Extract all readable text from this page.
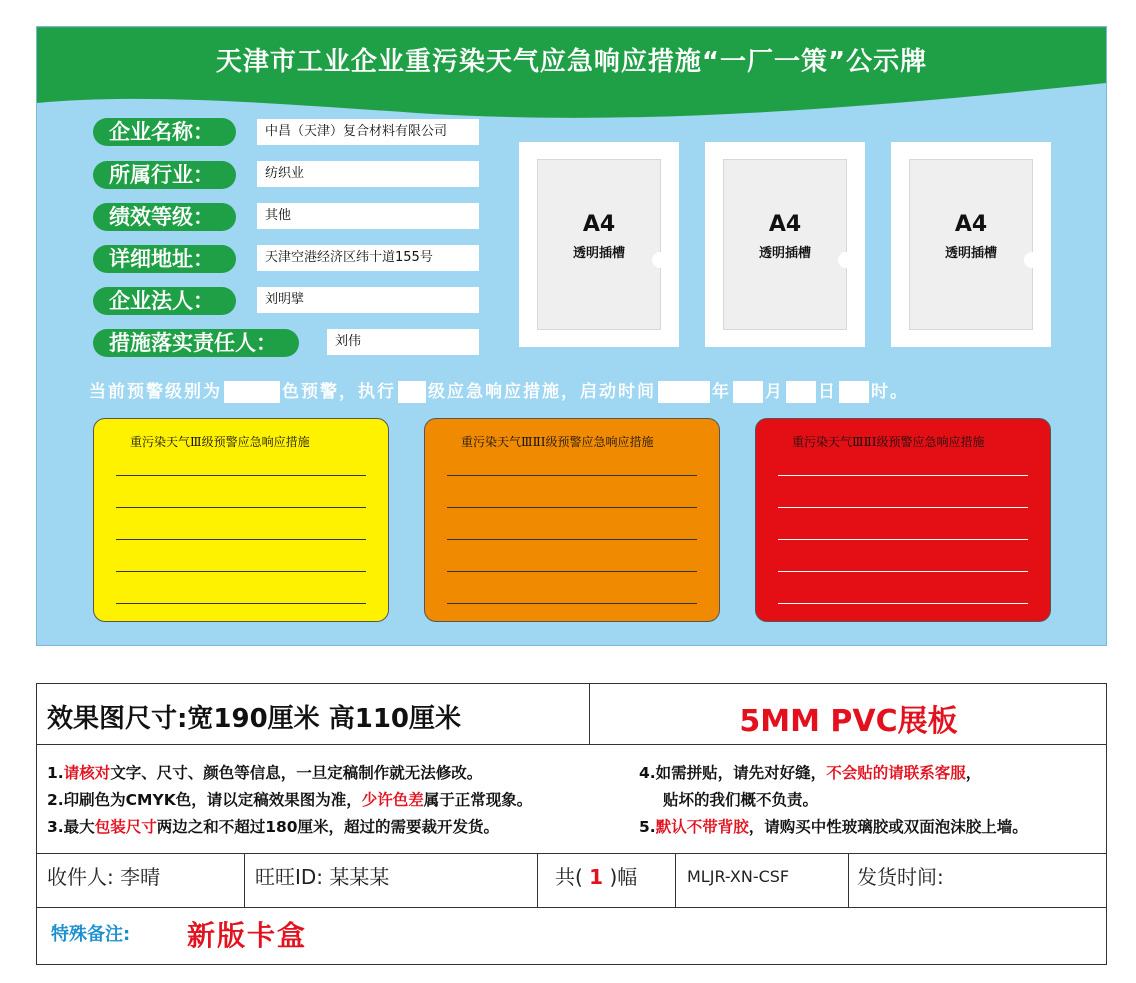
天津市工业企业重污染天气应急响应措施“一厂一策”公示牌
企业名称：	中昌（天津）复合材料有限公司
所属行业：	纺织业
绩效等级：	其他
详细地址：	天津空港经济区纬十道155号
企业法人：	刘明擘
措施落实责任人：	刘伟
A4
透明插槽
A4
透明插槽
A4
透明插槽
当前预警级别为	色预警，执行 级应急响应措施，启动时间	年 月 日 时。
重污染天气Ⅲ级预警应急响应措施	重污染天气ⅢⅡⅠ级预警应急响应措施	重污染天气ⅢⅡⅠ级预警应急响应措施
效果图尺寸:宽190厘米 高110厘米	5MM PVC展板
1.请核对文字、尺寸、颜色等信息，一旦定稿制作就无法修改。
2.印刷色为CMYK色，请以定稿效果图为准，少许色差属于正常现象。
3.最大包装尺寸两边之和不超过180厘米，超过的需要裁开发货。
4.如需拼贴，请先对好缝，不会贴的请联系客服，
贴坏的我们概不负责。
5.默认不带背胶，请购买中性玻璃胶或双面泡沫胶上墙。
收件人: 李晴	旺旺ID: 某某某	共( 1 )幅	MLJR-XN-CSF	发货时间:
特殊备注: 新版卡盒
